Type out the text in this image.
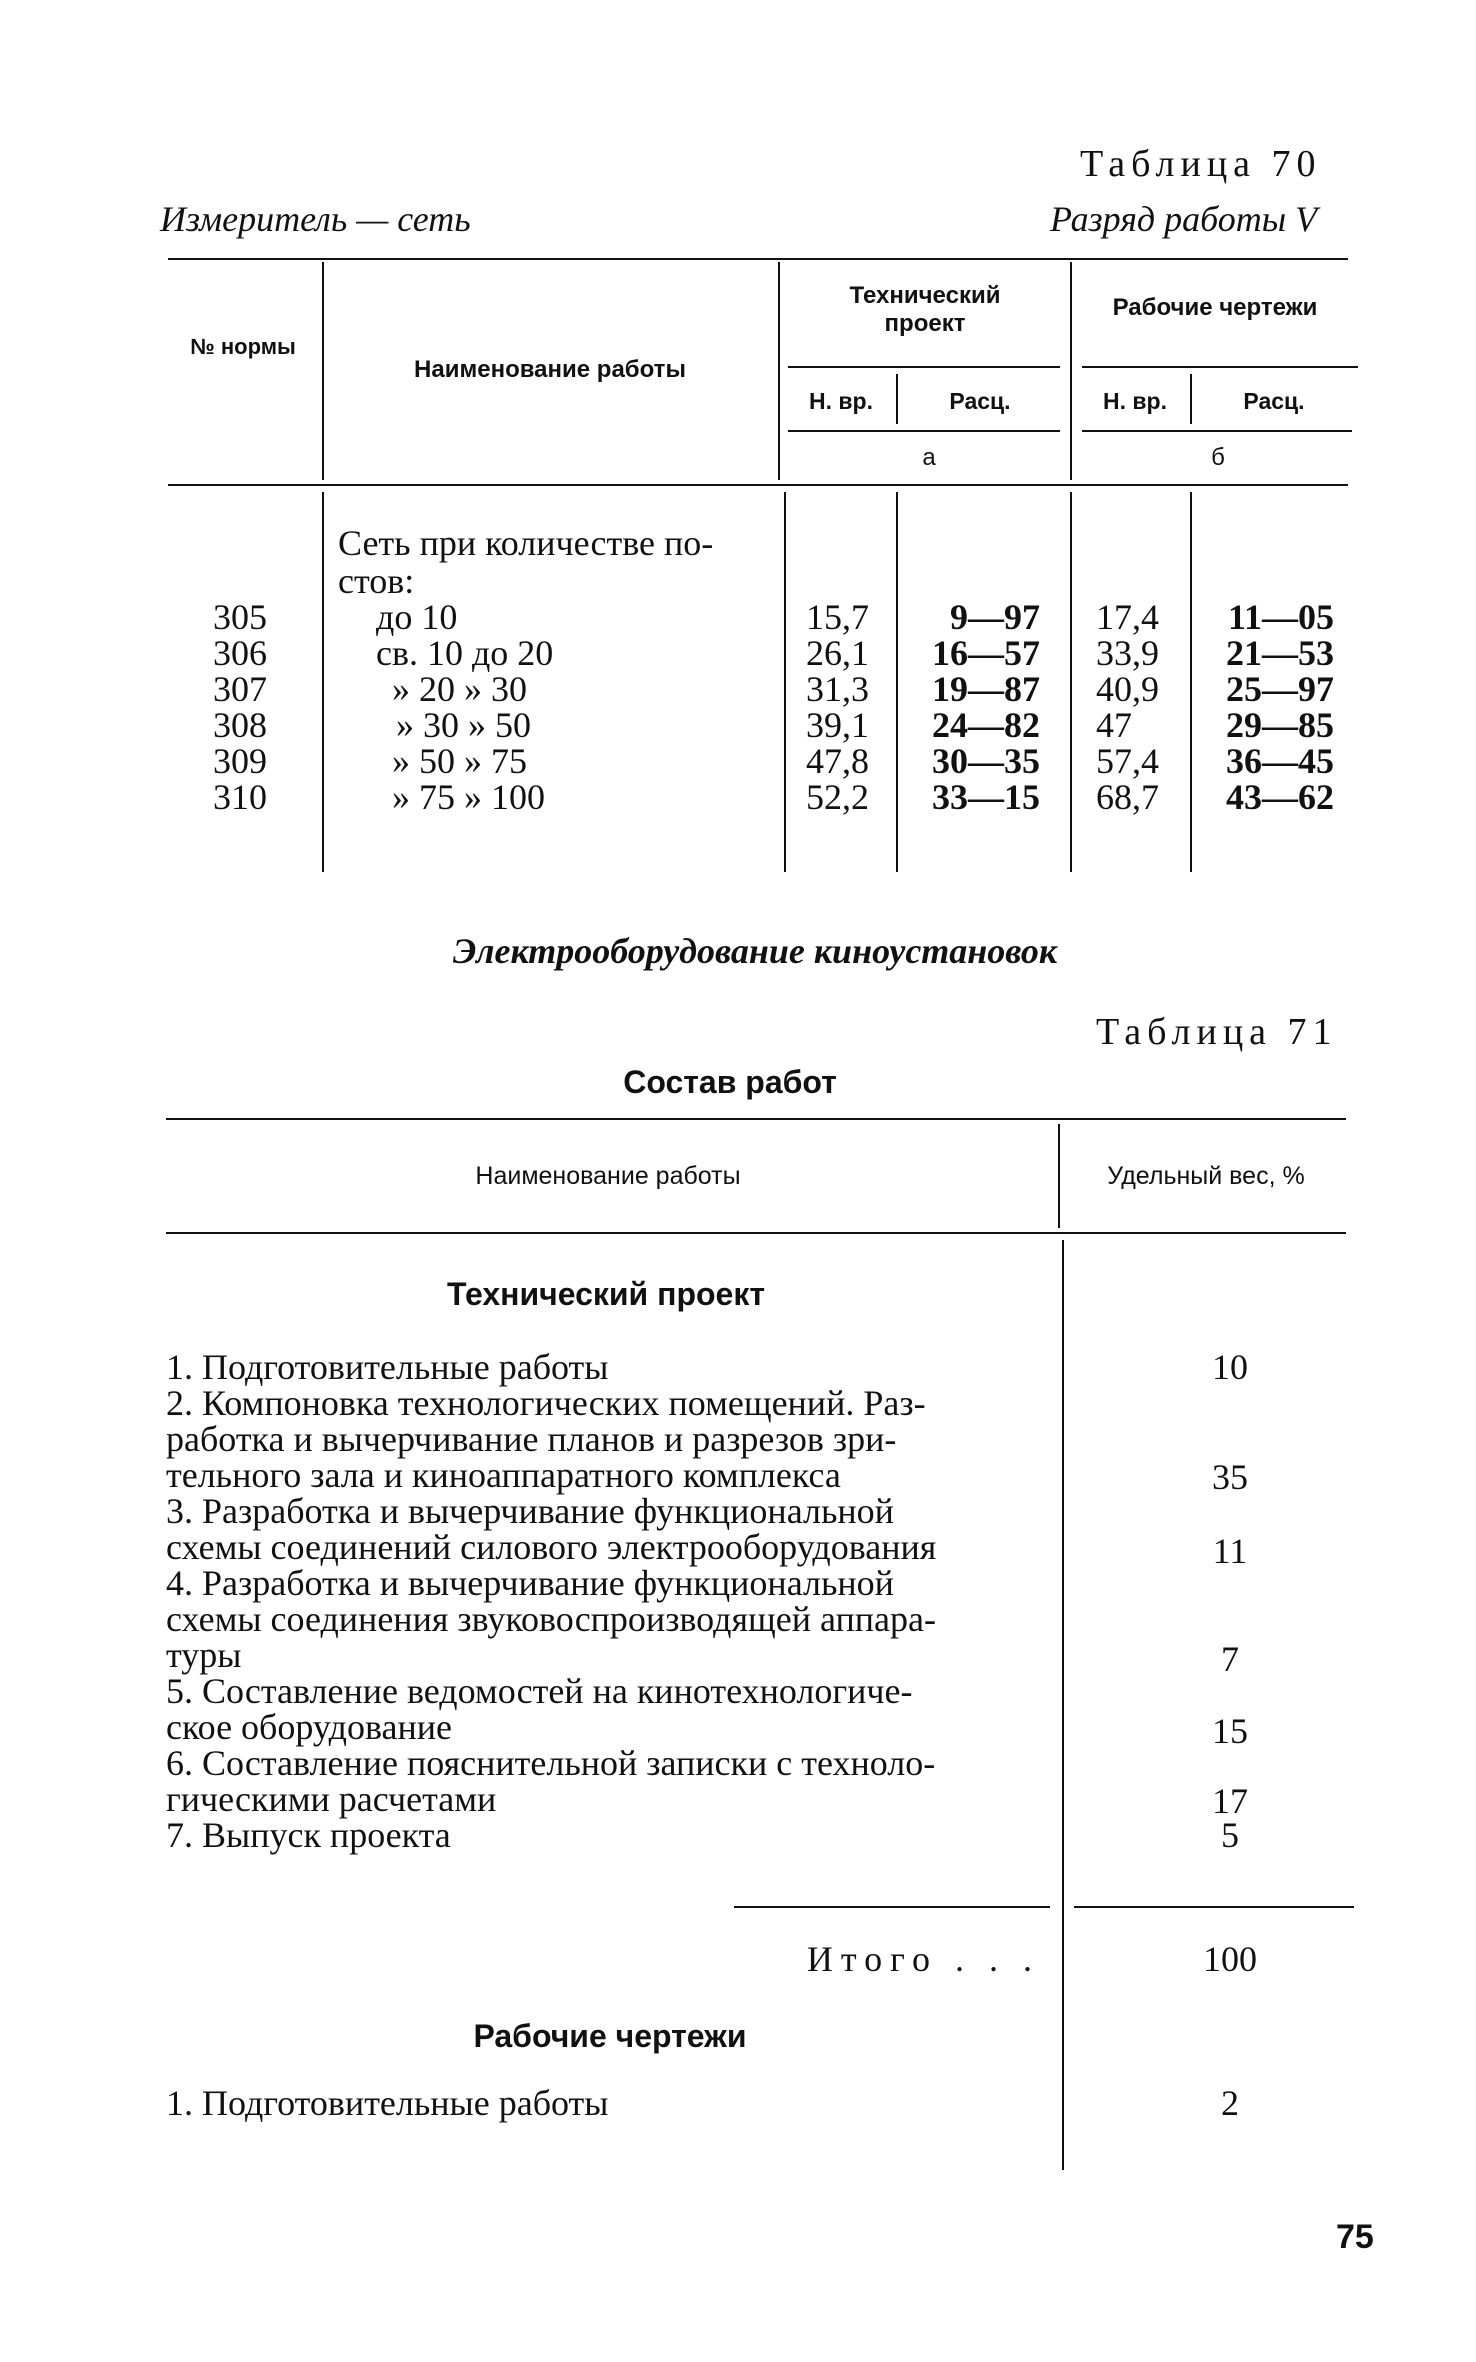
Таблица 70
Измеритель — сеть	Разряд работы V
№ нормы
Наименование работы
Технический проект
Рабочие чертежи
Н. вр.	Расц.	Н. вр.	Расц.
а	б
Сеть при количестве по-
стов:
305	до 10	15,7	9—97 17,4	11—05
306	св. 10 до 20	26,1	16—57 33,9	21—53
307	» 20 » 30	31,3	19—87 40,9	25—97
308	» 30 » 50	39,1	24—82 47	29—85
309	» 50 » 75	47,8	30—35 57,4	36—45
310	» 75 » 100	52,2	33—15 68,7	43—62
Электрооборудование киноустановок
Таблица 71
Состав работ
Наименование работы	Удельный вес, %
Технический проект
1. Подготовительные работы	10
2. Компоновка технологических помещений. Раз-
работка и вычерчивание планов и разрезов зри-
тельного зала и киноаппаратного комплекса	35
3. Разработка и вычерчивание функциональной
схемы соединений силового электрооборудования	11
4. Разработка и вычерчивание функциональной
схемы соединения звуковоспроизводящей аппара-
туры	7
5. Составление ведомостей на кинотехнологиче-
ское оборудование	15
6. Составление пояснительной записки с техноло-
гическими расчетами	17
7. Выпуск проекта	5
Итого . . .	100
Рабочие чертежи
1. Подготовительные работы	2
75
